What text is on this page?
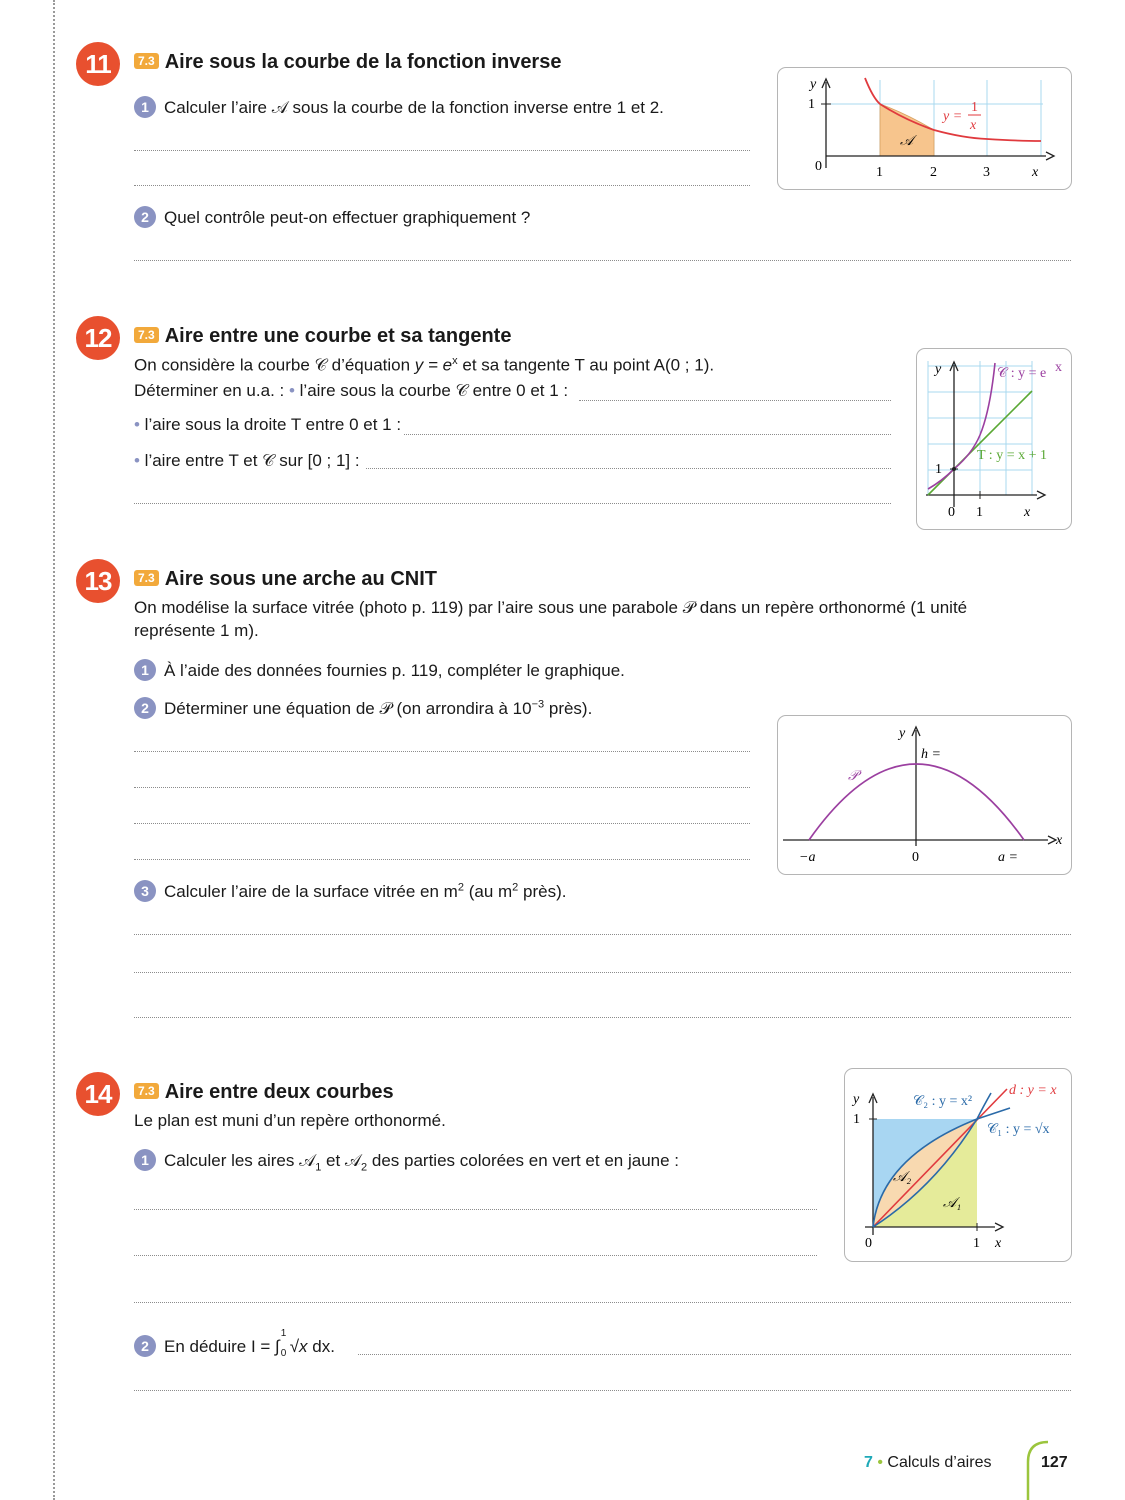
11	7.3 Aire sous la courbe de la fonction inverse
1 Calculer l’aire 𝒜 sous la courbe de la fonction inverse entre 1 et 2.
2 Quel contrôle peut-on effectuer graphiquement ?
y
1
0	1	2	3	x
𝒜
y =
1
x
12	7.3 Aire entre une courbe et sa tangente
On considère la courbe 𝒞 d’équation $y = e^x$ et sa tangente T au point A(0 ; 1).
Déterminer en u.a. : • l’aire sous la courbe 𝒞 entre 0 et 1 :
• l’aire sous la droite T entre 0 et 1 :
• l’aire entre T et 𝒞 sur [0 ; 1] :
y
1
0 1	x
𝒞 : y = e x
T : y = x + 1
13	7.3 Aire sous une arche au CNIT
On modélise la surface vitrée (photo p. 119) par l’aire sous une parabole 𝒫 dans un repère orthonormé (1 unité
représente 1 m).
1 À l’aide des données fournies p. 119, compléter le graphique.
2 Déterminer une équation de 𝒫 (on arrondira à $10^{-3}$ près).
3 Calculer l’aire de la surface vitrée en $m^2$ (au $m^2$ près).
y
h =
𝒫
x
−a	0	a =
14	7.3 Aire entre deux courbes
Le plan est muni d’un repère orthonormé.
1 Calculer les aires 𝒜$_1$ et 𝒜$_2$ des parties colorées en vert et en jaune :
2 En déduire I = ∫
1
0 √x dx.
y
1
0	1 x
d : y = x
𝒞₂ : y = x²
𝒞₁ : y = √x
𝒜₂
𝒜₁
7 • Calculs d’aires	127
